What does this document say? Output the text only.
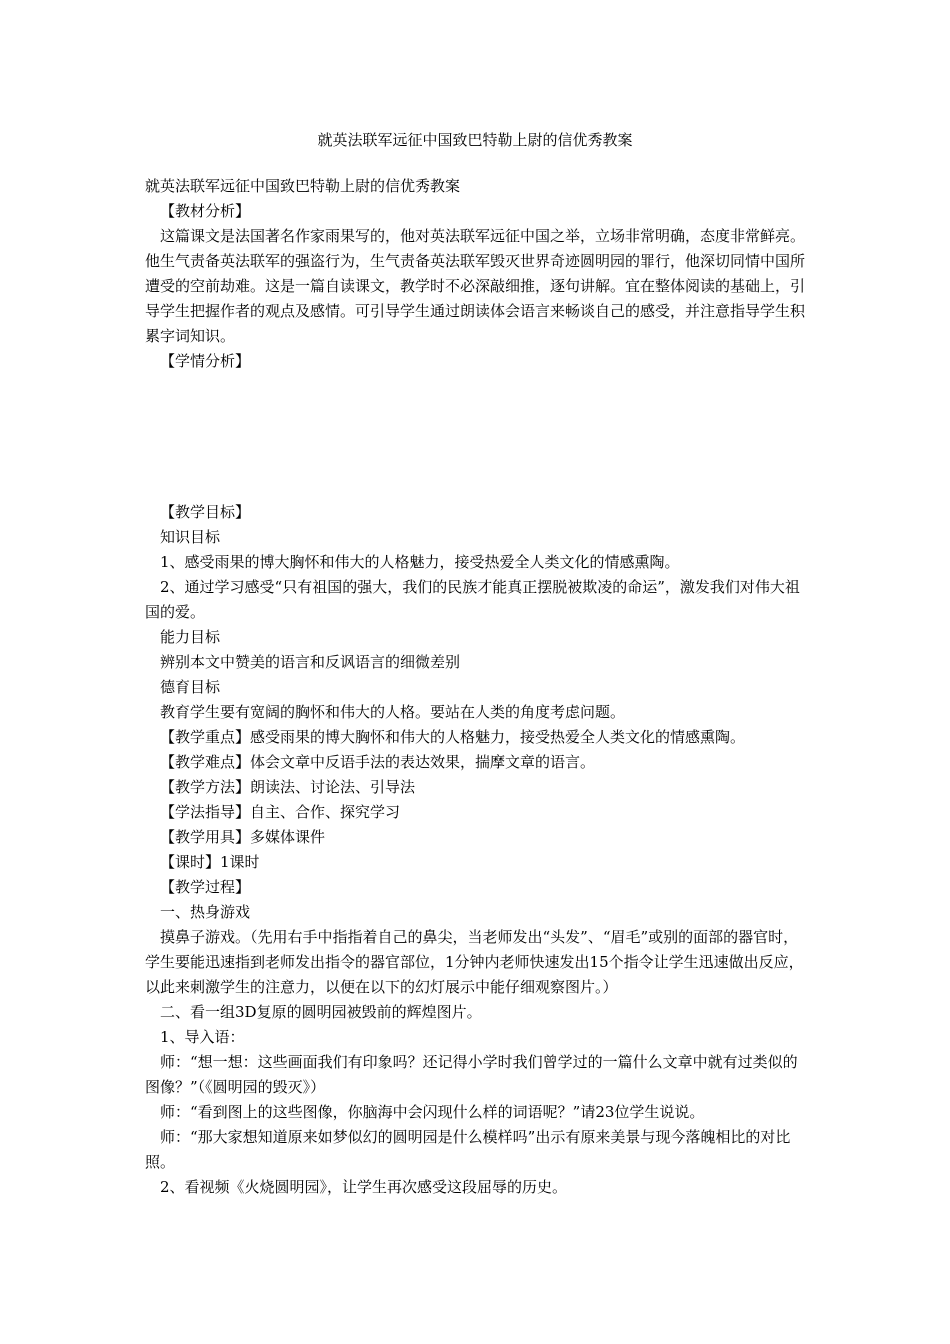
就英法联军远征中国致巴特勒上尉的信优秀教案

就英法联军远征中国致巴特勒上尉的信优秀教案

【教材分析】

这篇课文是法国著名作家雨果写的，他对英法联军远征中国之举，立场非常明确，态度非常鲜亮。他生气责备英法联军的强盗行为，生气责备英法联军毁灭世界奇迹圆明园的罪行，他深切同情中国所遭受的空前劫难。这是一篇自读课文，教学时不必深敲细推，逐句讲解。宜在整体阅读的基础上，引导学生把握作者的观点及感情。可引导学生通过朗读体会语言来畅谈自己的感受，并注意指导学生积累字词知识。

【学情分析】

【教学目标】

知识目标

1、感受雨果的博大胸怀和伟大的人格魅力，接受热爱全人类文化的情感熏陶。

2、通过学习感受“只有祖国的强大，我们的民族才能真正摆脱被欺凌的命运”，激发我们对伟大祖国的爱。

能力目标

辨别本文中赞美的语言和反讽语言的细微差别

德育目标

教育学生要有宽阔的胸怀和伟大的人格。要站在人类的角度考虑问题。

【教学重点】感受雨果的博大胸怀和伟大的人格魅力，接受热爱全人类文化的情感熏陶。

【教学难点】体会文章中反语手法的表达效果，揣摩文章的语言。

【教学方法】朗读法、讨论法、引导法

【学法指导】自主、合作、探究学习

【教学用具】多媒体课件

【课时】1课时

【教学过程】

一、热身游戏

摸鼻子游戏。（先用右手中指指着自己的鼻尖，当老师发出“头发”、“眉毛”或别的面部的器官时，学生要能迅速指到老师发出指令的器官部位，1分钟内老师快速发出15个指令让学生迅速做出反应，以此来刺激学生的注意力，以便在以下的幻灯展示中能仔细观察图片。）

二、看一组3D复原的圆明园被毁前的辉煌图片。

1、导入语：

师：“想一想：这些画面我们有印象吗？还记得小学时我们曾学过的一篇什么文章中就有过类似的图像？”（《圆明园的毁灭》）

师：“看到图上的这些图像，你脑海中会闪现什么样的词语呢？”请23位学生说说。

师：“那大家想知道原来如梦似幻的圆明园是什么模样吗”出示有原来美景与现今落魄相比的对比照。

2、看视频《火烧圆明园》，让学生再次感受这段屈辱的历史。
